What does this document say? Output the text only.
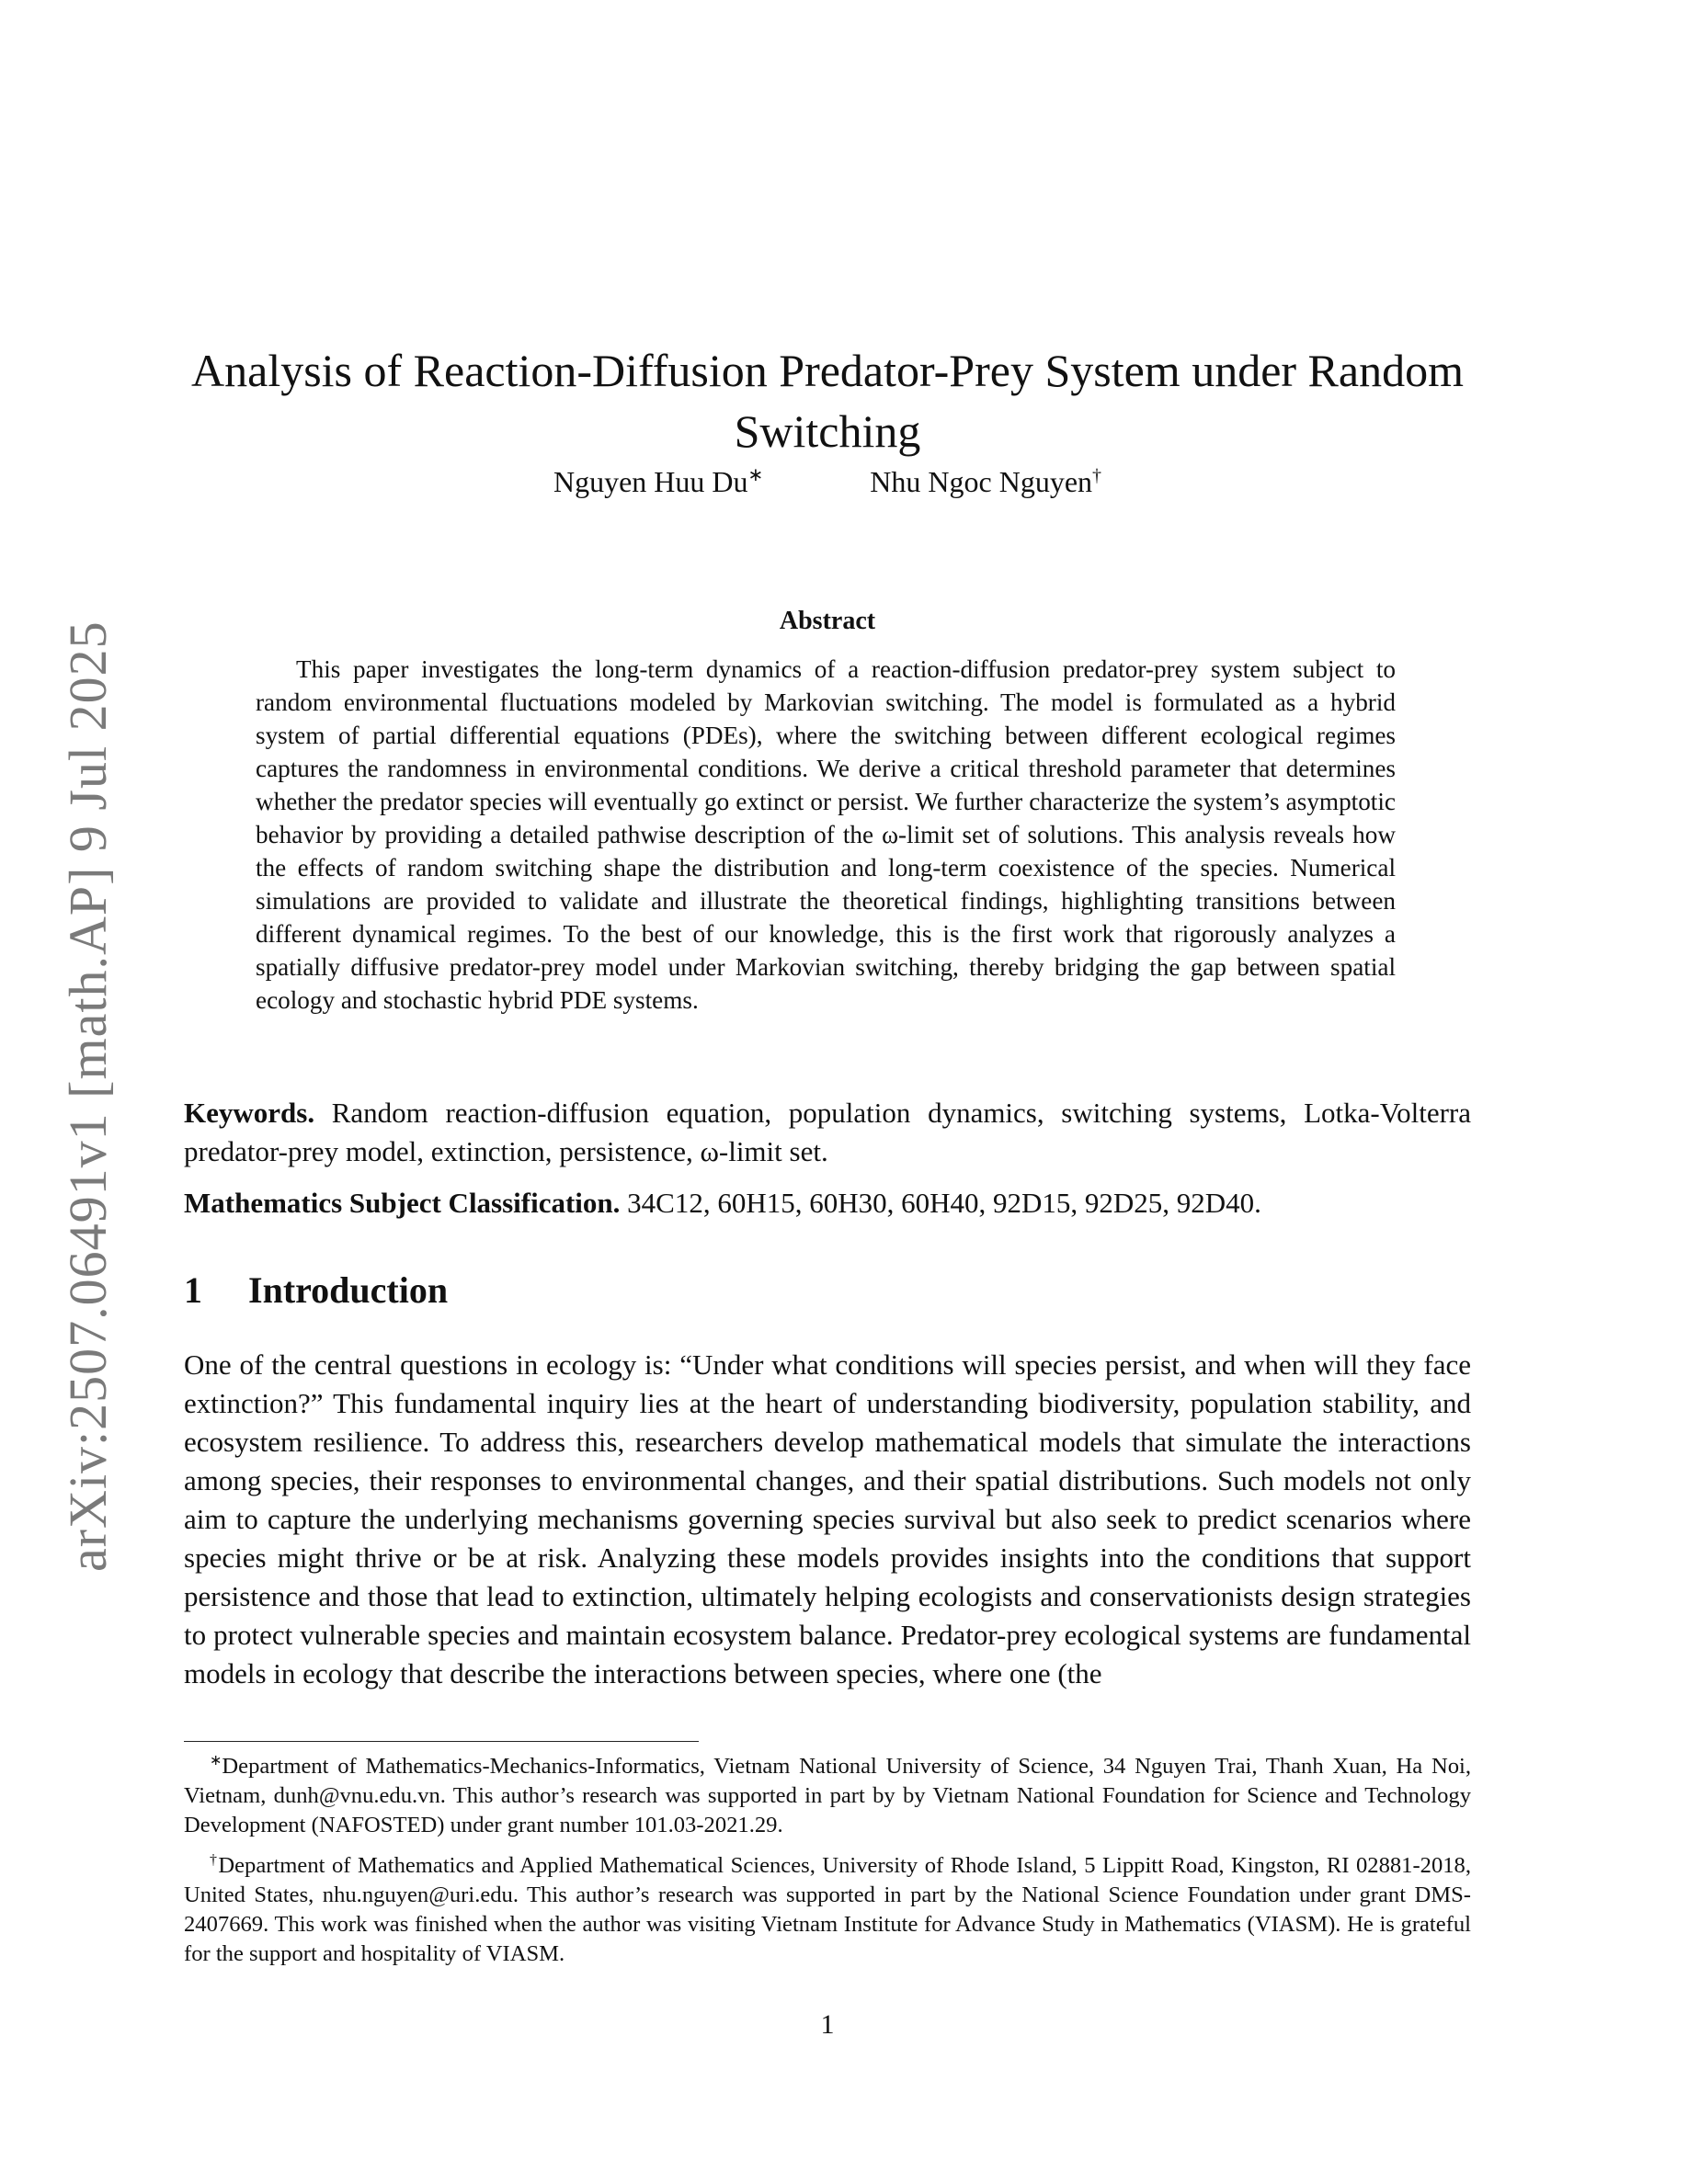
arXiv:2507.06491v1 [math.AP] 9 Jul 2025
Analysis of Reaction-Diffusion Predator-Prey System under Random Switching
Nguyen Huu Du∗	Nhu Ngoc Nguyen†
Abstract

This paper investigates the long-term dynamics of a reaction-diffusion predator-prey system subject to random environmental fluctuations modeled by Markovian switching. The model is formulated as a hybrid system of partial differential equations (PDEs), where the switching between different ecological regimes captures the randomness in environmental conditions. We derive a critical threshold parameter that determines whether the predator species will eventually go extinct or persist. We further characterize the system’s asymptotic behavior by providing a detailed pathwise description of the ω-limit set of solutions. This analysis reveals how the effects of random switching shape the distribution and long-term coexistence of the species. Numerical simulations are provided to validate and illustrate the theoretical findings, highlighting transitions between different dynamical regimes. To the best of our knowledge, this is the first work that rigorously analyzes a spatially diffusive predator-prey model under Markovian switching, thereby bridging the gap between spatial ecology and stochastic hybrid PDE systems.

Keywords. Random reaction-diffusion equation, population dynamics, switching systems, Lotka-Volterra predator-prey model, extinction, persistence, ω-limit set.

Mathematics Subject Classification. 34C12, 60H15, 60H30, 60H40, 92D15, 92D25, 92D40.

1 Introduction

One of the central questions in ecology is: “Under what conditions will species persist, and when will they face extinction?” This fundamental inquiry lies at the heart of understanding biodiversity, population stability, and ecosystem resilience. To address this, researchers develop mathematical models that simulate the interactions among species, their responses to environmental changes, and their spatial distributions. Such models not only aim to capture the underlying mechanisms governing species survival but also seek to predict scenarios where species might thrive or be at risk. Analyzing these models provides insights into the conditions that support persistence and those that lead to extinction, ultimately helping ecologists and conservationists design strategies to protect vulnerable species and maintain ecosystem balance. Predator-prey ecological systems are fundamental models in ecology that describe the interactions between species, where one (the

∗Department of Mathematics-Mechanics-Informatics, Vietnam National University of Science, 34 Nguyen Trai, Thanh Xuan, Ha Noi, Vietnam, dunh@vnu.edu.vn. This author’s research was supported in part by by Vietnam National Foundation for Science and Technology Development (NAFOSTED) under grant number 101.03-2021.29.

†Department of Mathematics and Applied Mathematical Sciences, University of Rhode Island, 5 Lippitt Road, Kingston, RI 02881-2018, United States, nhu.nguyen@uri.edu. This author’s research was supported in part by the National Science Foundation under grant DMS-2407669. This work was finished when the author was visiting Vietnam Institute for Advance Study in Mathematics (VIASM). He is grateful for the support and hospitality of VIASM.

1
